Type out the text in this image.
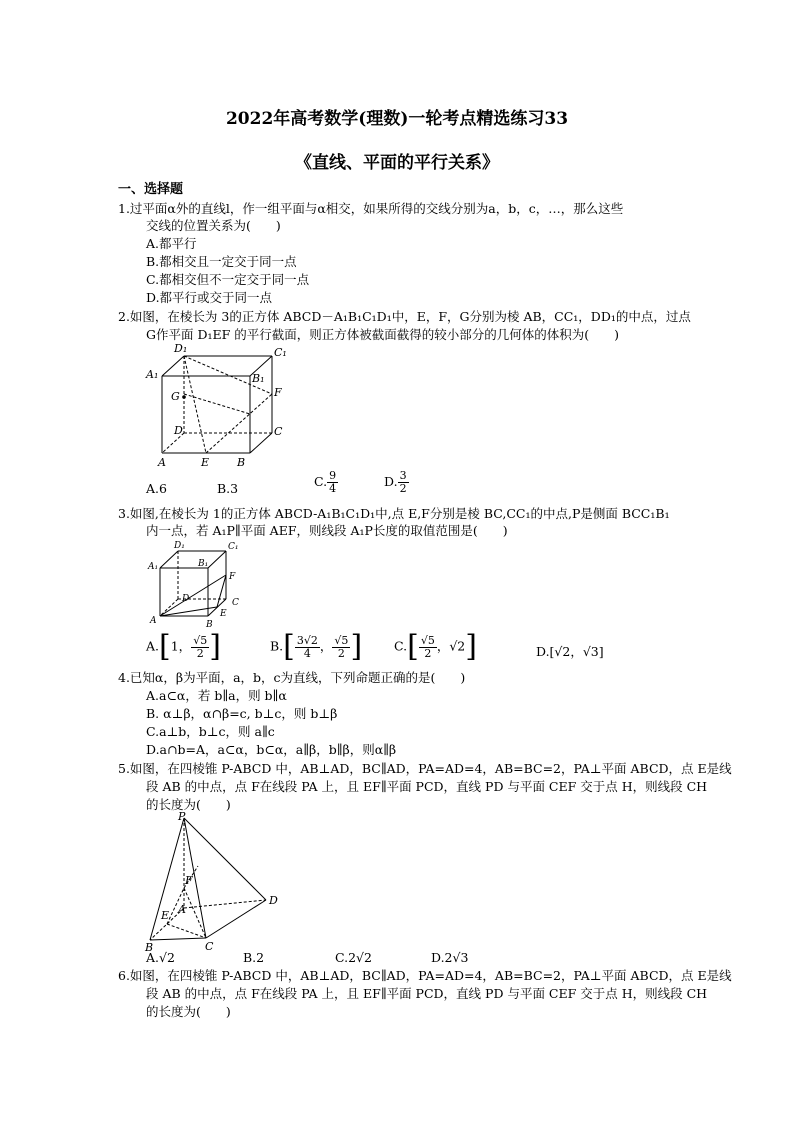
2022年高考数学(理数)一轮考点精选练习33
《直线、平面的平行关系》
一、选择题
1.过平面α外的直线l，作一组平面与α相交，如果所得的交线分别为a，b，c，…，那么这些
交线的位置关系为(　　)
A.都平行
B.都相交且一定交于同一点
C.都相交但不一定交于同一点
D.都平行或交于同一点
2.如图，在棱长为 3的正方体 ABCD－A₁B₁C₁D₁中，E，F，G分别为棱 AB，CC₁，DD₁的中点，过点
G作平面 D₁EF 的平行截面，则正方体被截面截得的较小部分的几何体的体积为(　　)
D₁	C₁
A₁	B₁
G	F
D	C
A	E	B
A.6	B.3	C. $\frac{9}{4}$	D. $\frac{3}{2}$
3.如图,在棱长为 1的正方体 ABCD-A₁B₁C₁D₁中,点 E,F分别是棱 BC,CC₁的中点,P是侧面 BCC₁B₁
内一点，若 A₁P∥平面 AEF，则线段 A₁P长度的取值范围是(　　)
D₁	C₁
A₁	B₁
F
D	C
A
E
B
A.[1， $\frac{√5}{2}$ ]	$B.[ \frac{3√2}{4}$ ， $\frac{√5}{2}$ ]	$C.[ \frac{√5}{2}$ ，√2]	D.[√2，√3]
4.已知α，β为平面，a，b，c为直线，下列命题正确的是(　　)
A.a⊂α，若 b∥a，则 b∥α
B. α⊥β，α∩β=c, b⊥c，则 b⊥β
C.a⊥b，b⊥c，则 a∥c
D.a∩b=A，a⊂α，b⊂α，a∥β，b∥β，则α∥β
5.如图，在四棱锥 P-ABCD 中，AB⊥AD，BC∥AD，PA=AD=4，AB=BC=2，PA⊥平面 ABCD，点 E是线
段 AB 的中点，点 F在线段 PA 上，且 EF∥平面 PCD，直线 PD 与平面 CEF 交于点 H，则线段 CH
的长度为(　　)
P
F
A
E
D
B	C
A.√2	B.2	C.2√2	D.2√3
6.如图，在四棱锥 P-ABCD 中，AB⊥AD，BC∥AD，PA=AD=4，AB=BC=2，PA⊥平面 ABCD，点 E是线
段 AB 的中点，点 F在线段 PA 上，且 EF∥平面 PCD，直线 PD 与平面 CEF 交于点 H，则线段 CH
的长度为(　　)
